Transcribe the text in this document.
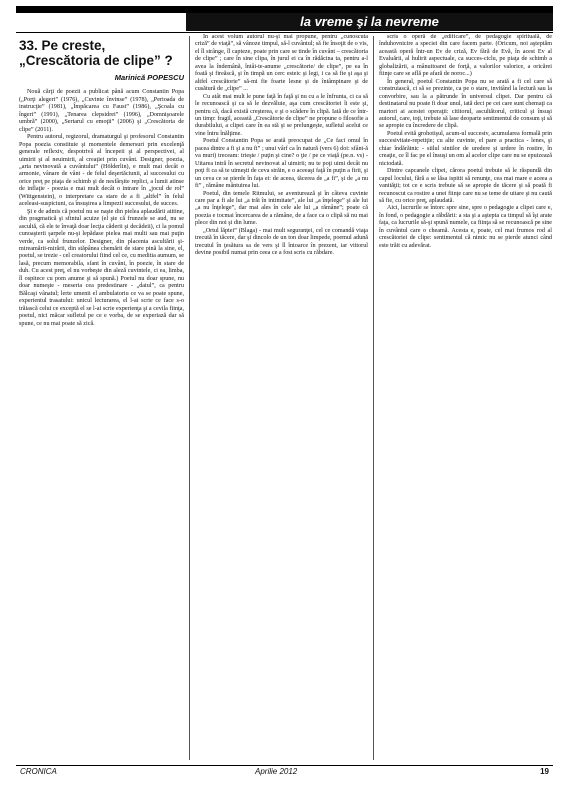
la vreme şi la nevreme
33. Pe creste, „Crescătoria de clipe” ?
Marinică POPESCU

Nouă cărţi de poezii a publicat până acum Constantin Popa („Porţi alegeri” (1976), „Cuvinte învinse” (1978), „Perioada de instrucţie” (1981), „Împăcarea cu Faust” (1986), „Şcoala cu îngeri” (1991), „Tenarea clepsidrei” (1996), „Domnişoarele umbră” (2000), „Sertarul cu emoţii” (2006) şi „Crescătoria de clipe” (2011).

Pentru autorul, regizorul, dramaturgul şi profesorul Constantin Popa poezia constituie şi momentele demersuri prin excelenţă generale reflexiv, despotrivă al începeii şi al perspectivei, al uimirii şi al neuimirii, al creaţiei prin cuvânt. Designer, poezia, „arta nevinovată a cuvântului” (Hölderlin), e mult mai decât o armonie, vânare de vânt - de felul deşertăciunii, al succesului cu orice preţ pe piaţa de schimb şi de nesfârşite replici, a lumii atinse de inflaţie - poezia e mai mult decât o intrare în „jocul de rol” (Wittgenstein), o interpretare ca stare de a fi „altfel” în felul aceleasi-suspiciuni, ca însuşirea a limpezii succesului, de succes.

Şi e de admis că poetul nu se naşte din pielea aplaudării atitine, din pragmatică şi sfintul acuize (el şie că frunzele se aud, nu se ascultă, că ele te învaţă doar lecţia căderii şi decădeii), ci la pomul cunoaşterii şarpele nu-şi lepădase pielea mai multi sau mai puţin verde, ca solul frunzelor. Designer, din placenta ascultării şi-mireamării-mirării, din stăpânea chemării de stare pină la sine, el, poetul, se trezie - cel creatorului fiind cel ce, cu meditia aumum, se lasă, precum memorabila, sfant în cuvânt, în poezie, în stare de duh. Cu acest preţ, el nu vorbeşte din aleză cuvintele, ci ea, limba, îl ospitece cu pom anume şi să spună.) Poetul nu doar spune, nu doar numeşte - meseria cea predestinare - „datul”, ca pentru Bălcaşi vânatul; lerte umenii el ambulatoriu ce va se poate spune, experientul trasatului: unicul lecturarea, el l-ai scrie ce face s-o trăiască celui ce exceptă el se l-ai scrie experienţa şi a cevila fiinţa, poetul, nici măcar sufletul pe ce e vorba, de se experiază dar să spune, ce nu mai poate să zică.

În acest volum autorul nu-şi mai propune, pentru „cunoscuta criză” de viaţă”, să vânoze timpul, să-l cuvântul; să fie însoţit de o vis, el îl strânge, îl capteze, poate prin care se tinde în cuvânt – crescătoria de clipe” ; care în sine clipa, în jurul ei ca în rădăcina ta, pentru a-l avea la îndemână, întâi-te-anume „crescătorie/ de clipe”, pe ea în foată şi fireăscă, şi în timpă un cerc esteic şi legi, i ca să fie şi aşa şi altfel crescătorie” să-mi fie foarte lesne şi de întâmpinare şi de cusătură de „clipe” ...

Cu atât mai mult le pune faţă în faţă şi nu cu a le înfrunta, ci ca să le recunoască şi ca să le dezvăluie, aşa cum crescătoriei îi este şi, pentru că, dacă există creşterea, e şi o scădere în clipă. Iată de ce într-un timp: fragil, această „Crescătorie de clipe” ne propune o filosofie a durabilului, a clipei care în ea stă şi se prelungeşte, sufletul acelui ce vine întru înălţime.

Poetul Constantin Popa se arată preocupat de „Ce faci omul în pacea dintre a fi şi a nu fi” ; unui vârf ca în natură (vers 6) doi: sfânt-ă va muri) treceam: trieşte / puţin şi cine? o ţie / pe ce viaţă (pe.n. vs) - Uitarea intră în secretul nevinovat al uimirii; nu te poţi uimi decât nu poţi fi ca să te uimeşti de ceva străin, e o aceeaşi faţă în puţin a firii, şi un ceva ce se pierde în faţa ei: de aceea, tăcerea de „a fi”, şi de „a nu fi” , rămâne mântuirea lui.

Poetul, din temele Ritmului, se aventurează şi în câteva cuvinte care par a fi ale lui „a trăi în intimitate”, ale lui „a înţelege” şi ale lui „a nu înţelege”, dar mai ales în cele ale lui „a rămâne”; poate că poezia e tocmai încercarea de a rămâne, de a face ca o clipă să nu mai plece din noi şi din lume.

„Ortul lăptei” (Blaga) - mai mult seguranţei, cel ce comandă viaţa trecută în tăcere, dar şi dincolo de un ton doar limpede, poemul adună trecutul în ţesătura sa de vers şi îl întoarce în prezent, iar viitorul devine posibil numai prin ceea ce a fost scris cu răbdare.

scris o operă de „edificare”, de pedagogie spirituală, de înduhovnicire a speciei din care facem parte. (Oricum, noi aşteptăm această operă într-un Ev de criză, Ev fără de Evă, în acest Ev al Evaluării, al hulirii aspectuale, ca succes-ciclu, pe piaţa de schimb a globalizării, a mânuitoarei de forţă, a valorilor valorice, a oricărei fiinţe care se află pe afară de noroc...)

În general, poetul Constantin Popa nu se arată a fi cel care să construiască, ci să se prezinte, ca pe o stare, invitând la lectură sau la convorbire, sau la a pătrunde în universul clipei. Dar pentru că destinatarul nu poate fi doar unul, iată deci pe cei care sunt chemaţi ca martori ai acestei operaţii: cititorul, ascultătorul, criticul şi însuşi autorul, care, toţi, trebuie să lase deoparte sentimentul de consum şi să se apropie cu încredere de clipă.

Poetul evită grohotişul, acum-ul succesiv, acumularea formală prin succesivitate-repetiţie; cu alte cuvinte, el pare a practica - lenes, şi chiar îndărătnic - stilul sintilor de uredere şi urdere în rostire, în creaţie, ce îl fac pe el însuşi un om al acelor clipe care nu se epuizează niciodată.

Dintre capcanele clipei, cărora poetul trebuie să le răspundă din capul locului, fără a se lăsa ispitit să renunţe, cea mai mare e aceea a vanităţii; tot ce e scris trebuie să se apropie de tăcere şi să poată fi recunoscut ca rostire a unei fiinţe care nu se teme de uitare şi nu caută să fie, cu orice preţ, aplaudată.

Aici, lucrurile se întorc spre sine, spre o pedagogie a clipei care e, în fond, o pedagogie a răbdării: a sta şi a aştepta ca timpul să îşi arate faţa, ca lucrurile să-şi spună numele, ca fiinţa să se recunoască pe sine în cuvântul care o cheamă. Acesta e, poate, cel mai frumos rod al crescătoriei de clipe: sentimentul că nimic nu se pierde atunci când este trăit cu adevărat.

CRONICA	Aprilie 2012	19
